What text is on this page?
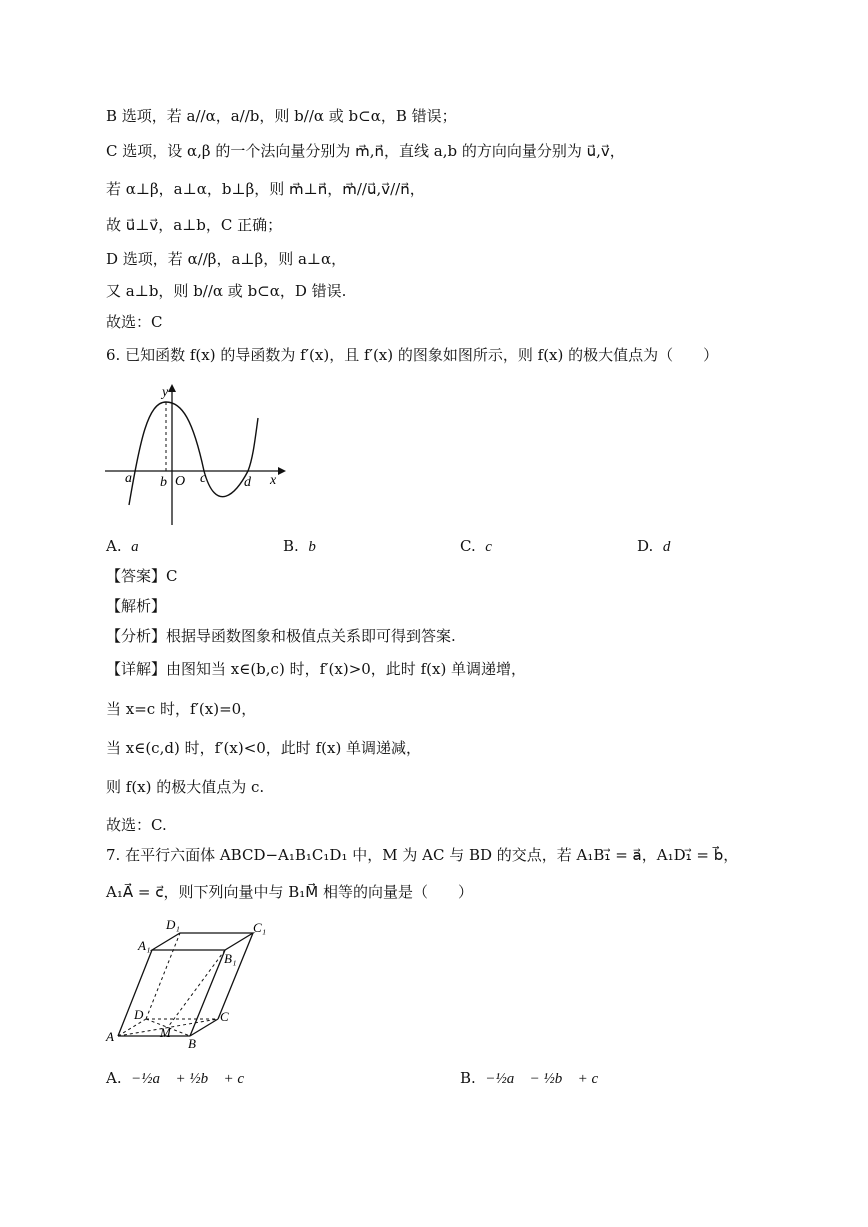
B 选项，若 a//α，a//b，则 b//α 或 b⊂α，B 错误；
C 选项，设 α,β 的一个法向量分别为 m⃗,n⃗，直线 a,b 的方向向量分别为 u⃗,v⃗，
若 α⊥β，a⊥α，b⊥β，则 m⃗⊥n⃗，m⃗//u⃗,v⃗//n⃗，
故 u⃗⊥v⃗，a⊥b，C 正确；
D 选项，若 α//β，a⊥β，则 a⊥α，
又 a⊥b，则 b//α 或 b⊂α，D 错误.
故选：C
6. 已知函数 f(x) 的导函数为 f′(x)，且 f′(x) 的图象如图所示，则 f(x) 的极大值点为（　　）
y
x
O
a b c	d
A. a	B. b	C. c	D. d
【答案】C
【解析】
【分析】根据导函数图象和极值点关系即可得到答案.
【详解】由图知当 x∈(b,c) 时，f′(x)>0，此时 f(x) 单调递增，
当 x=c 时，f′(x)=0，
当 x∈(c,d) 时，f′(x)<0，此时 f(x) 单调递减，
则 f(x) 的极大值点为 c.
故选：C.
7. 在平行六面体 ABCD−A₁B₁C₁D₁ 中，M 为 AC 与 BD 的交点，若 A₁B₁⃗ = a⃗，A₁D₁⃗ = b⃗，
A₁A⃗ = c⃗，则下列向量中与 B₁M⃗ 相等的向量是（　　）
A	B
C
D
A₁
B₁
C₁
D₁
M
A. −½a⃗ + ½b⃗ + c⃗	B. −½a⃗ − ½b⃗ + c⃗
